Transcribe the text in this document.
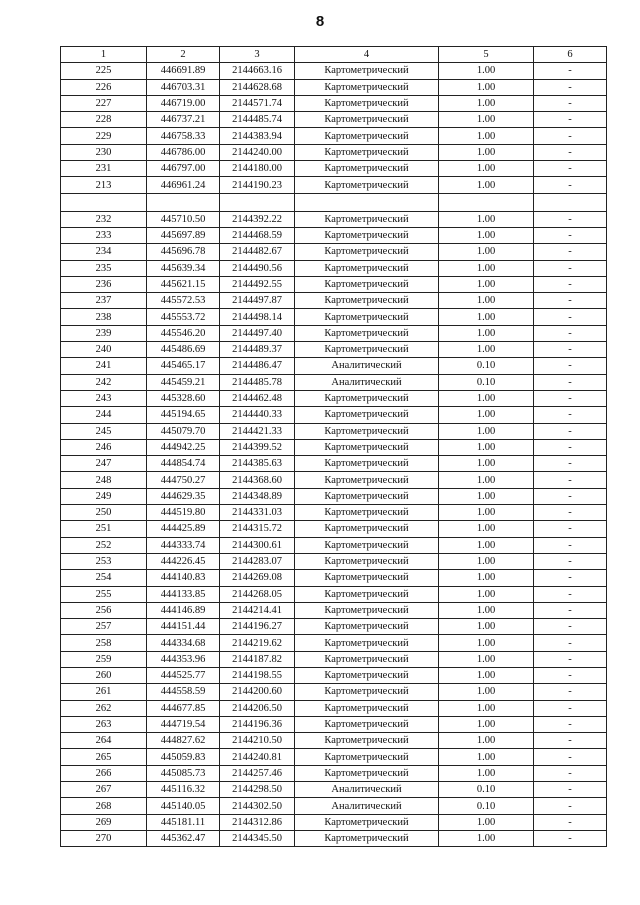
8
1	2	3	4	5	6
225	446691.89	2144663.16	Картометрический	1.00	-
226	446703.31	2144628.68	Картометрический	1.00	-
227	446719.00	2144571.74	Картометрический	1.00	-
228	446737.21	2144485.74	Картометрический	1.00	-
229	446758.33	2144383.94	Картометрический	1.00	-
230	446786.00	2144240.00	Картометрический	1.00	-
231	446797.00	2144180.00	Картометрический	1.00	-
213	446961.24	2144190.23	Картометрический	1.00	-

232	445710.50	2144392.22	Картометрический	1.00	-
233	445697.89	2144468.59	Картометрический	1.00	-
234	445696.78	2144482.67	Картометрический	1.00	-
235	445639.34	2144490.56	Картометрический	1.00	-
236	445621.15	2144492.55	Картометрический	1.00	-
237	445572.53	2144497.87	Картометрический	1.00	-
238	445553.72	2144498.14	Картометрический	1.00	-
239	445546.20	2144497.40	Картометрический	1.00	-
240	445486.69	2144489.37	Картометрический	1.00	-
241	445465.17	2144486.47	Аналитический	0.10	-
242	445459.21	2144485.78	Аналитический	0.10	-
243	445328.60	2144462.48	Картометрический	1.00	-
244	445194.65	2144440.33	Картометрический	1.00	-
245	445079.70	2144421.33	Картометрический	1.00	-
246	444942.25	2144399.52	Картометрический	1.00	-
247	444854.74	2144385.63	Картометрический	1.00	-
248	444750.27	2144368.60	Картометрический	1.00	-
249	444629.35	2144348.89	Картометрический	1.00	-
250	444519.80	2144331.03	Картометрический	1.00	-
251	444425.89	2144315.72	Картометрический	1.00	-
252	444333.74	2144300.61	Картометрический	1.00	-
253	444226.45	2144283.07	Картометрический	1.00	-
254	444140.83	2144269.08	Картометрический	1.00	-
255	444133.85	2144268.05	Картометрический	1.00	-
256	444146.89	2144214.41	Картометрический	1.00	-
257	444151.44	2144196.27	Картометрический	1.00	-
258	444334.68	2144219.62	Картометрический	1.00	-
259	444353.96	2144187.82	Картометрический	1.00	-
260	444525.77	2144198.55	Картометрический	1.00	-
261	444558.59	2144200.60	Картометрический	1.00	-
262	444677.85	2144206.50	Картометрический	1.00	-
263	444719.54	2144196.36	Картометрический	1.00	-
264	444827.62	2144210.50	Картометрический	1.00	-
265	445059.83	2144240.81	Картометрический	1.00	-
266	445085.73	2144257.46	Картометрический	1.00	-
267	445116.32	2144298.50	Аналитический	0.10	-
268	445140.05	2144302.50	Аналитический	0.10	-
269	445181.11	2144312.86	Картометрический	1.00	-
270	445362.47	2144345.50	Картометрический	1.00	-
